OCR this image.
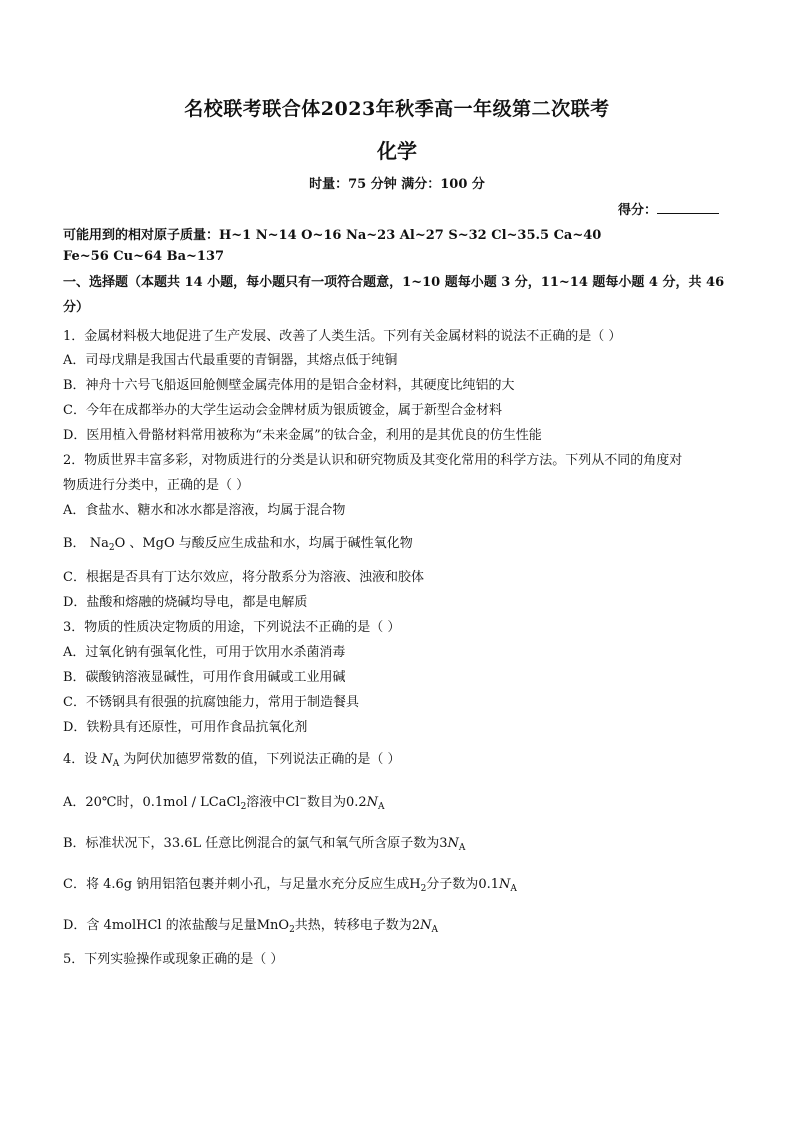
名校联考联合体2023年秋季高一年级第二次联考
化学
时量：75 分钟 满分：100 分
得分：
可能用到的相对原子质量：H~1 N~14 O~16 Na~23 Al~27 S~32 Cl~35.5 Ca~40
Fe~56 Cu~64 Ba~137
一、选择题（本题共 14 小题，每小题只有一项符合题意，1~10 题每小题 3 分，11~14 题每小题 4 分，共 46 分）
1．金属材料极大地促进了生产发展、改善了人类生活。下列有关金属材料的说法不正确的是（ ）
A．司母戊鼎是我国古代最重要的青铜器，其熔点低于纯铜
B．神舟十六号飞船返回舱侧壁金属壳体用的是铝合金材料，其硬度比纯铝的大
C．今年在成都举办的大学生运动会金牌材质为银质镀金，属于新型合金材料
D．医用植入骨骼材料常用被称为“未来金属”的钛合金，利用的是其优良的仿生性能
2．物质世界丰富多彩，对物质进行的分类是认识和研究物质及其变化常用的科学方法。下列从不同的角度对
物质进行分类中，正确的是（ ）
A．食盐水、糖水和冰水都是溶液，均属于混合物
B． $Na_2O$ 、MgO 与酸反应生成盐和水，均属于碱性氧化物
C．根据是否具有丁达尔效应，将分散系分为溶液、浊液和胶体
D．盐酸和熔融的烧碱均导电，都是电解质
3．物质的性质决定物质的用途，下列说法不正确的是（ ）
A．过氧化钠有强氧化性，可用于饮用水杀菌消毒
B．碳酸钠溶液显碱性，可用作食用碱或工业用碱
C．不锈钢具有很强的抗腐蚀能力，常用于制造餐具
D．铁粉具有还原性，可用作食品抗氧化剂
4．设 $N_A$ 为阿伏加德罗常数的值，下列说法正确的是（ ）
A．20℃时，0.1mol / LCaCl$_2$溶液中Cl−数目为$0.2N_A$
B．标准状况下，33.6L 任意比例混合的氯气和氧气所含原子数为$3N_A$
C．将 4.6g 钠用铝箔包裹并刺小孔，与足量水充分反应生成$H_2$分子数为$0.1N_A$
D．含 4molHCl 的浓盐酸与足量MnO$_2$共热，转移电子数为$2N_A$
5．下列实验操作或现象正确的是（ ）
